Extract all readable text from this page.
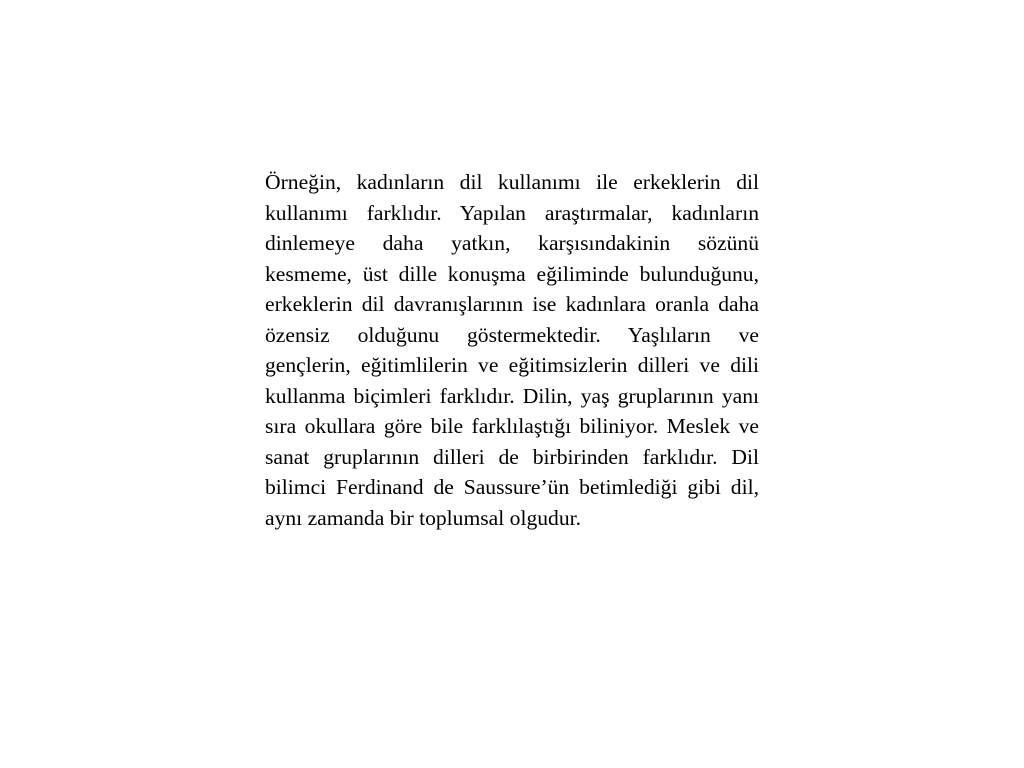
Örneğin, kadınların dil kullanımı ile erkeklerin dil kullanımı farklıdır. Yapılan araştırmalar, kadınların dinlemeye daha yatkın, karşısındakinin sözünü kesmeme, üst dille konuşma eğiliminde bulunduğunu, erkeklerin dil davranışlarının ise kadınlara oranla daha özensiz olduğunu göstermektedir. Yaşlıların ve gençlerin, eğitimlilerin ve eğitimsizlerin dilleri ve dili kullanma biçimleri farklıdır. Dilin, yaş gruplarının yanı sıra okullara göre bile farklılaştığı biliniyor. Meslek ve sanat gruplarının dilleri de birbirinden farklıdır. Dil bilimci Ferdinand de Saussure’ün betimlediği gibi dil, aynı zamanda bir toplumsal olgudur.
